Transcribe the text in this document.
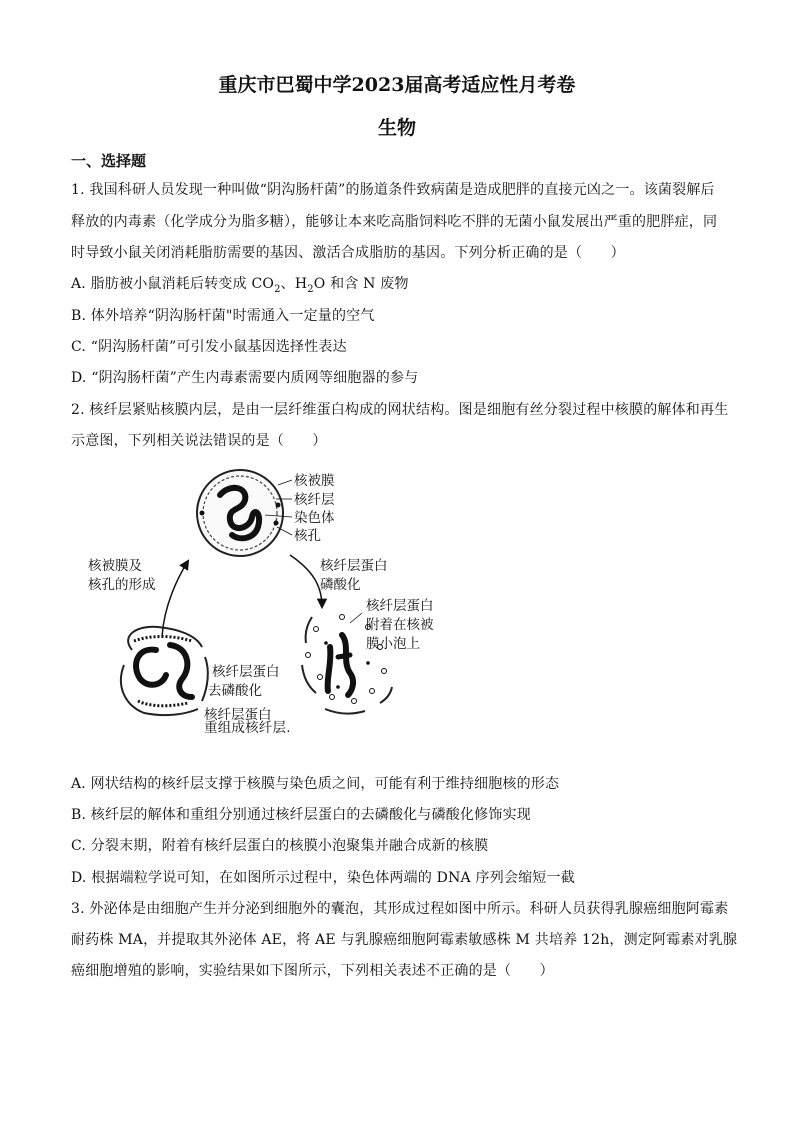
重庆市巴蜀中学2023届高考适应性月考卷
生物
一、选择题
1. 我国科研人员发现一种叫做“阴沟肠杆菌”的肠道条件致病菌是造成肥胖的直接元凶之一。该菌裂解后
释放的内毒素（化学成分为脂多糖），能够让本来吃高脂饲料吃不胖的无菌小鼠发展出严重的肥胖症，同
时导致小鼠关闭消耗脂肪需要的基因、激活合成脂肪的基因。下列分析正确的是（　　）
A. 脂肪被小鼠消耗后转变成 $CO_2$、$H_2O$ 和含 N 废物
B. 体外培养“阴沟肠杆菌"时需通入一定量的空气
C. “阴沟肠杆菌”可引发小鼠基因选择性表达
D. “阴沟肠杆菌”产生内毒素需要内质网等细胞器的参与
2. 核纤层紧贴核膜内层，是由一层纤维蛋白构成的网状结构。图是细胞有丝分裂过程中核膜的解体和再生
示意图，下列相关说法错误的是（　　）
核被膜
核纤层
染色体
核孔
核纤层蛋白
磷酸化
核被膜及
核孔的形成
核纤层蛋白
附着在核被
膜小泡上
核纤层蛋白
去磷酸化
核纤层蛋白
重组成核纤层.
A. 网状结构的核纤层支撑于核膜与染色质之间，可能有利于维持细胞核的形态
B. 核纤层的解体和重组分别通过核纤层蛋白的去磷酸化与磷酸化修饰实现
C. 分裂末期，附着有核纤层蛋白的核膜小泡聚集并融合成新的核膜
D. 根据端粒学说可知，在如图所示过程中，染色体两端的 DNA 序列会缩短一截
3. 外泌体是由细胞产生并分泌到细胞外的囊泡，其形成过程如图中所示。科研人员获得乳腺癌细胞阿霉素
耐药株 MA，并提取其外泌体 AE，将 AE 与乳腺癌细胞阿霉素敏感株 M 共培养 12h，测定阿霉素对乳腺
癌细胞增殖的影响，实验结果如下图所示，下列相关表述不正确的是（　　）
